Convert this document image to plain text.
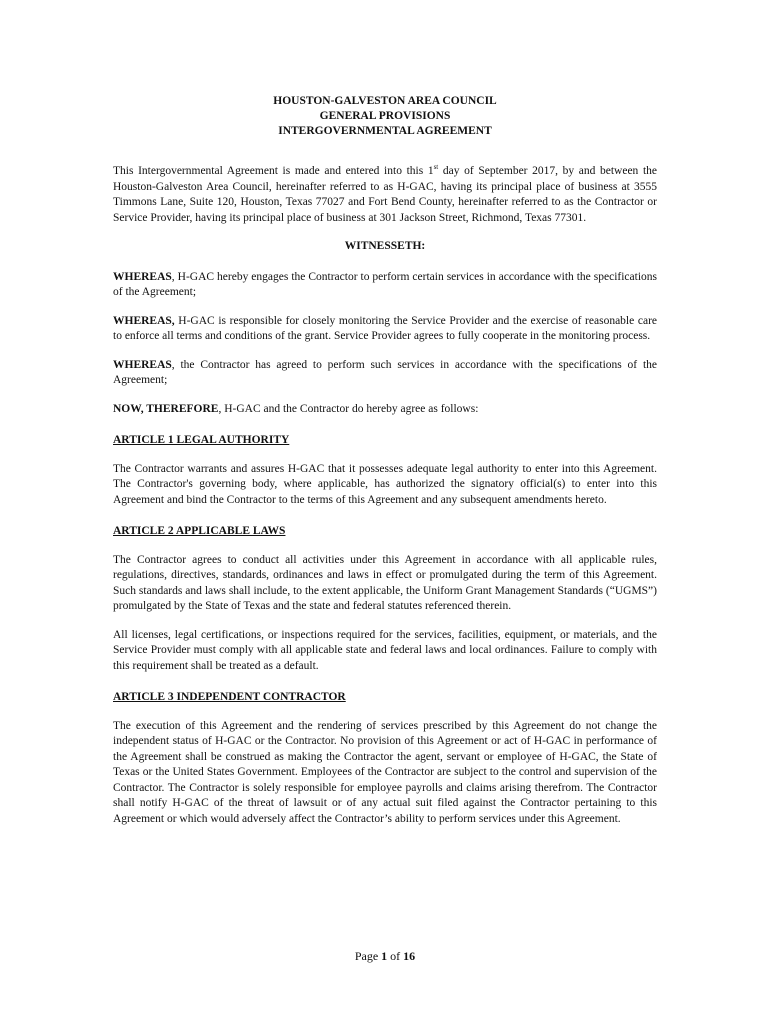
HOUSTON-GALVESTON AREA COUNCIL
GENERAL PROVISIONS
INTERGOVERNMENTAL AGREEMENT

This Intergovernmental Agreement is made and entered into this 1st day of September 2017, by and between the Houston-Galveston Area Council, hereinafter referred to as H-GAC, having its principal place of business at 3555 Timmons Lane, Suite 120, Houston, Texas 77027 and Fort Bend County, hereinafter referred to as the Contractor or Service Provider, having its principal place of business at 301 Jackson Street, Richmond, Texas 77301.

WITNESSETH:

WHEREAS, H-GAC hereby engages the Contractor to perform certain services in accordance with the specifications of the Agreement;

WHEREAS, H-GAC is responsible for closely monitoring the Service Provider and the exercise of reasonable care to enforce all terms and conditions of the grant. Service Provider agrees to fully cooperate in the monitoring process.

WHEREAS, the Contractor has agreed to perform such services in accordance with the specifications of the Agreement;

NOW, THEREFORE, H-GAC and the Contractor do hereby agree as follows:

ARTICLE 1 LEGAL AUTHORITY

The Contractor warrants and assures H-GAC that it possesses adequate legal authority to enter into this Agreement. The Contractor's governing body, where applicable, has authorized the signatory official(s) to enter into this Agreement and bind the Contractor to the terms of this Agreement and any subsequent amendments hereto.

ARTICLE 2 APPLICABLE LAWS

The Contractor agrees to conduct all activities under this Agreement in accordance with all applicable rules, regulations, directives, standards, ordinances and laws in effect or promulgated during the term of this Agreement. Such standards and laws shall include, to the extent applicable, the Uniform Grant Management Standards (“UGMS”) promulgated by the State of Texas and the state and federal statutes referenced therein.

All licenses, legal certifications, or inspections required for the services, facilities, equipment, or materials, and the Service Provider must comply with all applicable state and federal laws and local ordinances. Failure to comply with this requirement shall be treated as a default.

ARTICLE 3 INDEPENDENT CONTRACTOR

The execution of this Agreement and the rendering of services prescribed by this Agreement do not change the independent status of H-GAC or the Contractor. No provision of this Agreement or act of H-GAC in performance of the Agreement shall be construed as making the Contractor the agent, servant or employee of H-GAC, the State of Texas or the United States Government. Employees of the Contractor are subject to the control and supervision of the Contractor. The Contractor is solely responsible for employee payrolls and claims arising therefrom. The Contractor shall notify H-GAC of the threat of lawsuit or of any actual suit filed against the Contractor pertaining to this Agreement or which would adversely affect the Contractor’s ability to perform services under this Agreement.

Page 1 of 16
